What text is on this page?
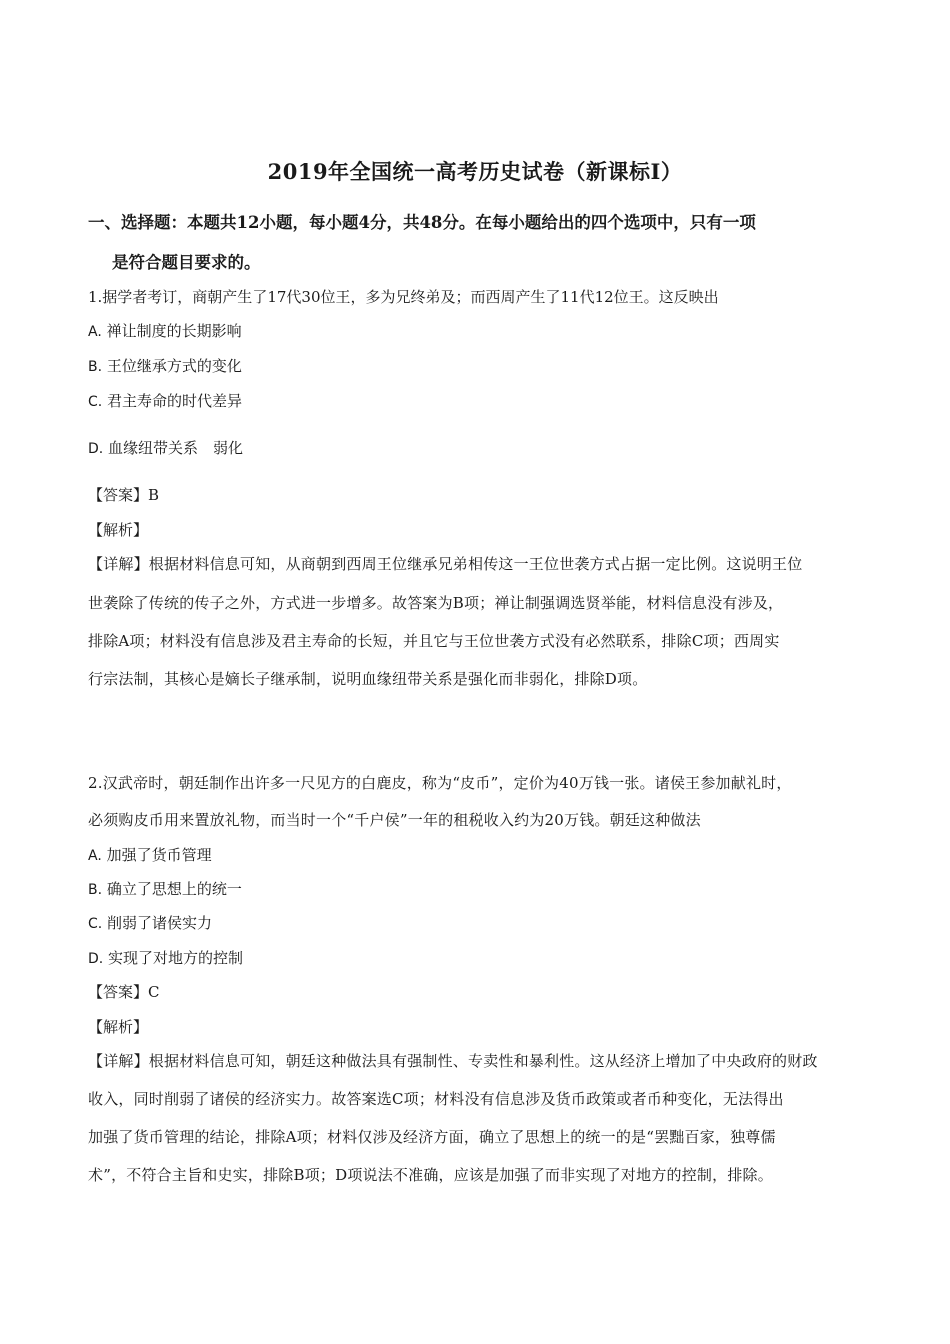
2019年全国统一高考历史试卷（新课标Ⅰ）
一、选择题：本题共12小题，每小题4分，共48分。在每小题给出的四个选项中，只有一项
是符合题目要求的。
1.据学者考订，商朝产生了17代30位王，多为兄终弟及；而西周产生了11代12位王。这反映出
A. 禅让制度的长期影响
B. 王位继承方式的变化
C. 君主寿命的时代差异
D. 血缘纽带关系　弱化
【答案】B
【解析】
【详解】根据材料信息可知，从商朝到西周王位继承兄弟相传这一王位世袭方式占据一定比例。这说明王位
世袭除了传统的传子之外，方式进一步增多。故答案为B项；禅让制强调选贤举能，材料信息没有涉及，
排除A项；材料没有信息涉及君主寿命的长短，并且它与王位世袭方式没有必然联系，排除C项；西周实
行宗法制，其核心是嫡长子继承制，说明血缘纽带关系是强化而非弱化，排除D项。
2.汉武帝时，朝廷制作出许多一尺见方的白鹿皮，称为“皮币”，定价为40万钱一张。诸侯王参加献礼时，
必须购皮币用来置放礼物，而当时一个“千户侯”一年的租税收入约为20万钱。朝廷这种做法
A. 加强了货币管理
B. 确立了思想上的统一
C. 削弱了诸侯实力
D. 实现了对地方的控制
【答案】C
【解析】
【详解】根据材料信息可知，朝廷这种做法具有强制性、专卖性和暴利性。这从经济上增加了中央政府的财政
收入，同时削弱了诸侯的经济实力。故答案选C项；材料没有信息涉及货币政策或者币种变化，无法得出
加强了货币管理的结论，排除A项；材料仅涉及经济方面，确立了思想上的统一的是“罢黜百家，独尊儒
术”，不符合主旨和史实，排除B项；D项说法不准确，应该是加强了而非实现了对地方的控制，排除。
